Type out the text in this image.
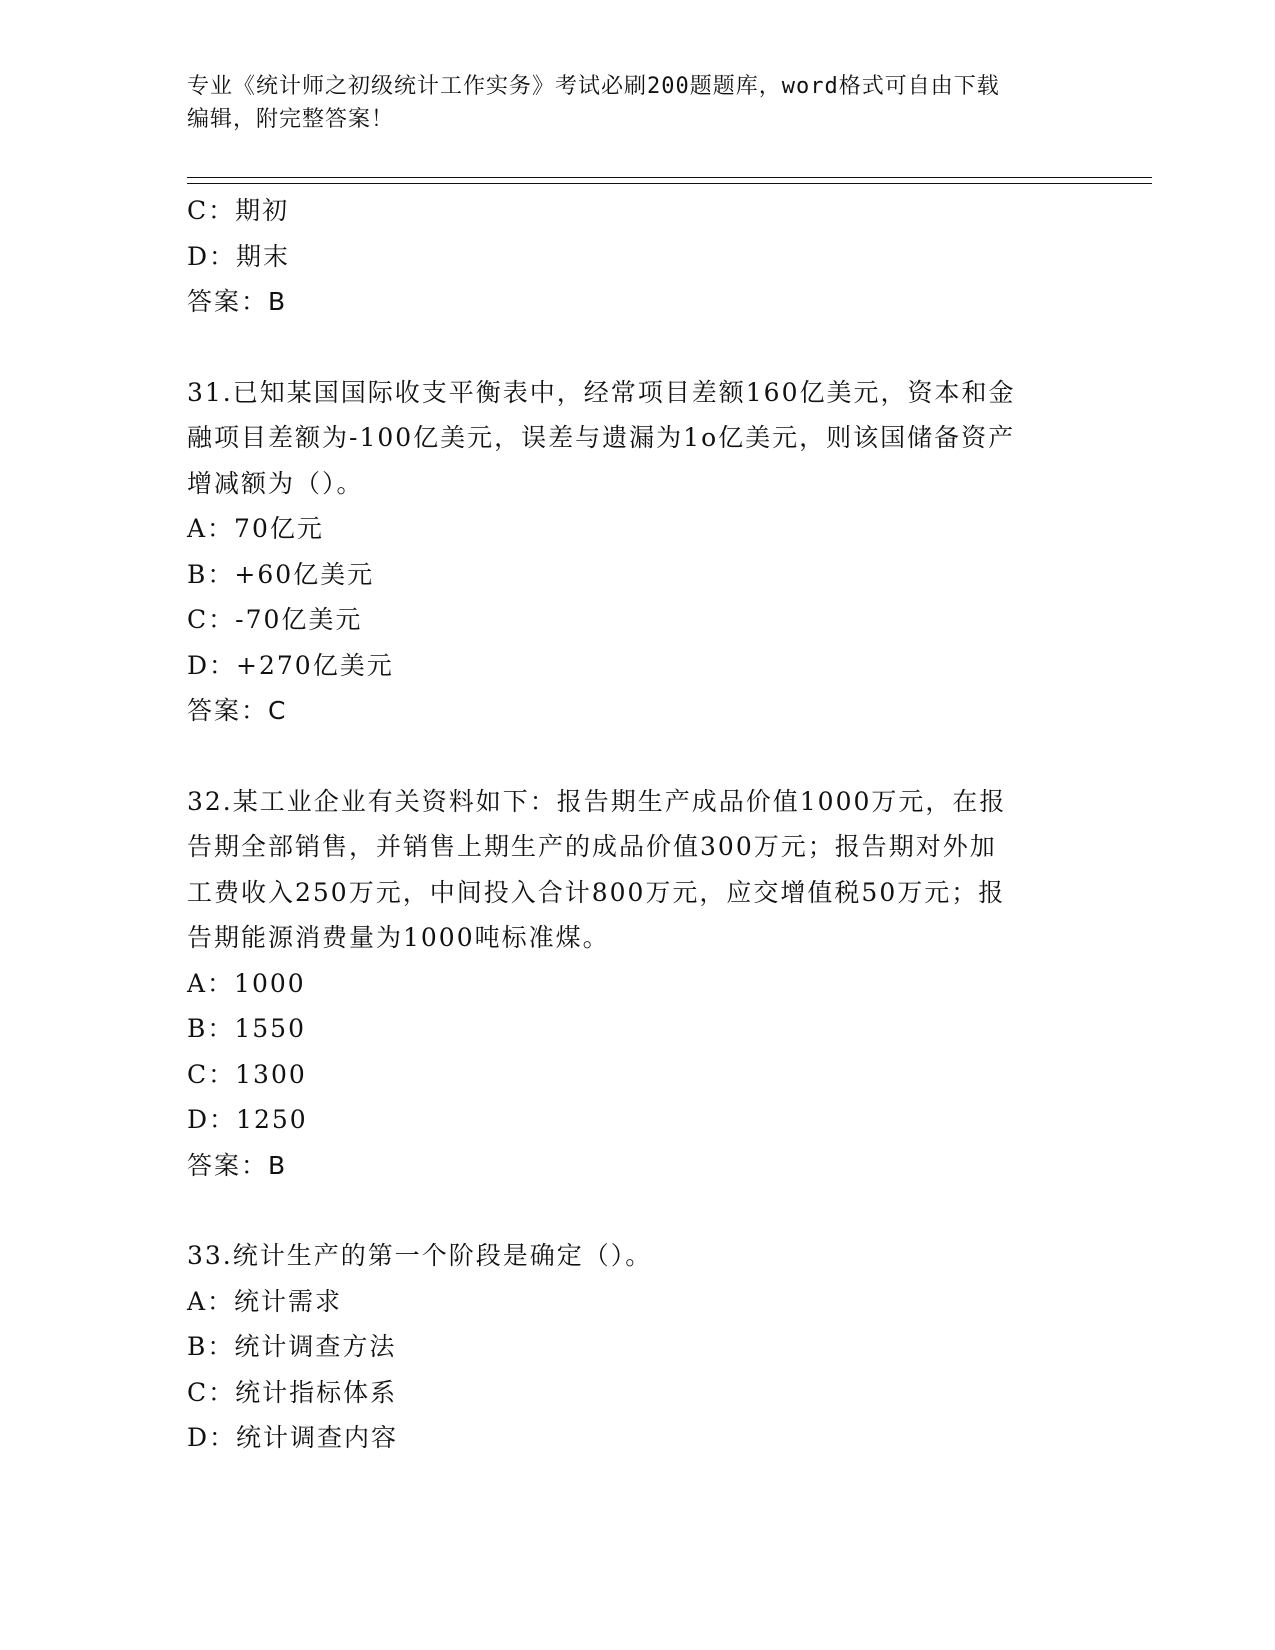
专业《统计师之初级统计工作实务》考试必刷200题题库，word格式可自由下载

编辑，附完整答案！

C：期初

D：期末

答案：B

31.已知某国国际收支平衡表中，经常项目差额160亿美元，资本和金

融项目差额为-100亿美元，误差与遗漏为1o亿美元，则该国储备资产

增减额为（）。

A：70亿元

B：+60亿美元

C：-70亿美元

D：+270亿美元

答案：C

32.某工业企业有关资料如下：报告期生产成品价值1000万元，在报

告期全部销售，并销售上期生产的成品价值300万元；报告期对外加

工费收入250万元，中间投入合计800万元，应交增值税50万元；报

告期能源消费量为1000吨标准煤。

A：1000

B：1550

C：1300

D：1250

答案：B

33.统计生产的第一个阶段是确定（）。

A：统计需求

B：统计调查方法

C：统计指标体系

D：统计调查内容
